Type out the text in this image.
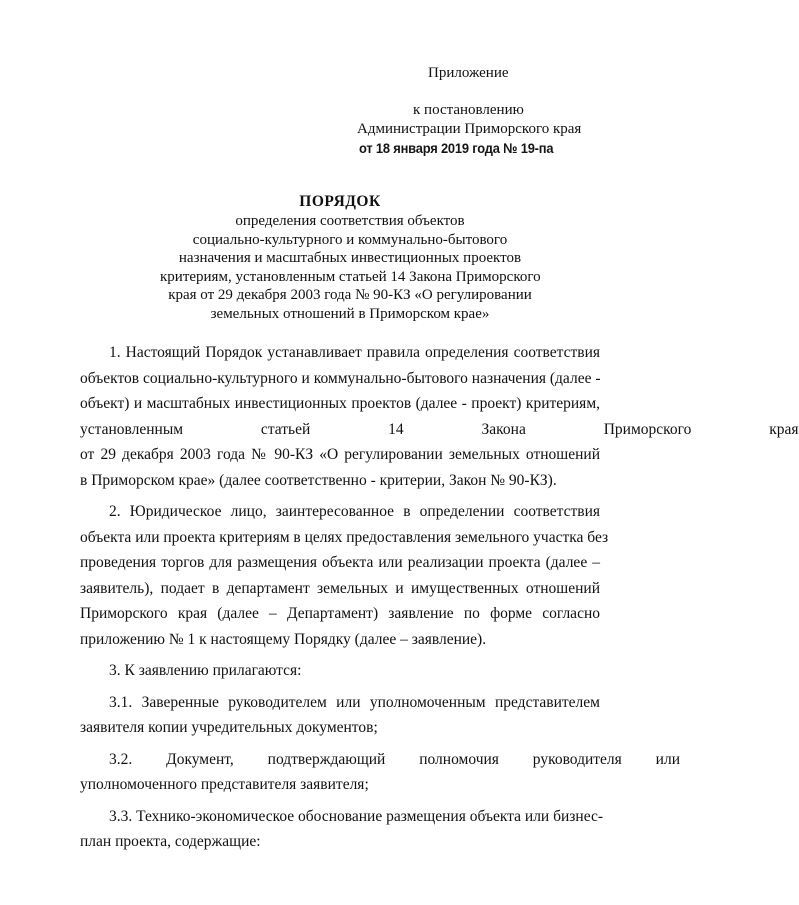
Приложение
к постановлению
Администрации Приморского края
от 18 января 2019 года № 19-па
ПОРЯДОК
определения соответствия объектов
социально-культурного и коммунально-бытового
назначения и масштабных инвестиционных проектов
критериям, установленным статьей 14 Закона Приморского
края от 29 декабря 2003 года № 90-КЗ «О регулировании
земельных отношений в Приморском крае»
1. Настоящий Порядок устанавливает правила определения соответствия
объектов социально-культурного и коммунально-бытового назначения (далее -
объект) и масштабных инвестиционных проектов (далее - проект) критериям,
установленным статьей 14 Закона Приморского края
от 29 декабря 2003 года № 90-КЗ «О регулировании земельных отношений
в Приморском крае» (далее соответственно - критерии, Закон № 90-КЗ).
2. Юридическое лицо, заинтересованное в определении соответствия
объекта или проекта критериям в целях предоставления земельного участка без
проведения торгов для размещения объекта или реализации проекта (далее –
заявитель), подает в департамент земельных и имущественных отношений
Приморского края (далее – Департамент) заявление по форме согласно
приложению № 1 к настоящему Порядку (далее – заявление).
3. К заявлению прилагаются:
3.1. Заверенные руководителем или уполномоченным представителем
заявителя копии учредительных документов;
3.2. Документ, подтверждающий полномочия руководителя или
уполномоченного представителя заявителя;
3.3. Технико-экономическое обоснование размещения объекта или бизнес-
план проекта, содержащие:
